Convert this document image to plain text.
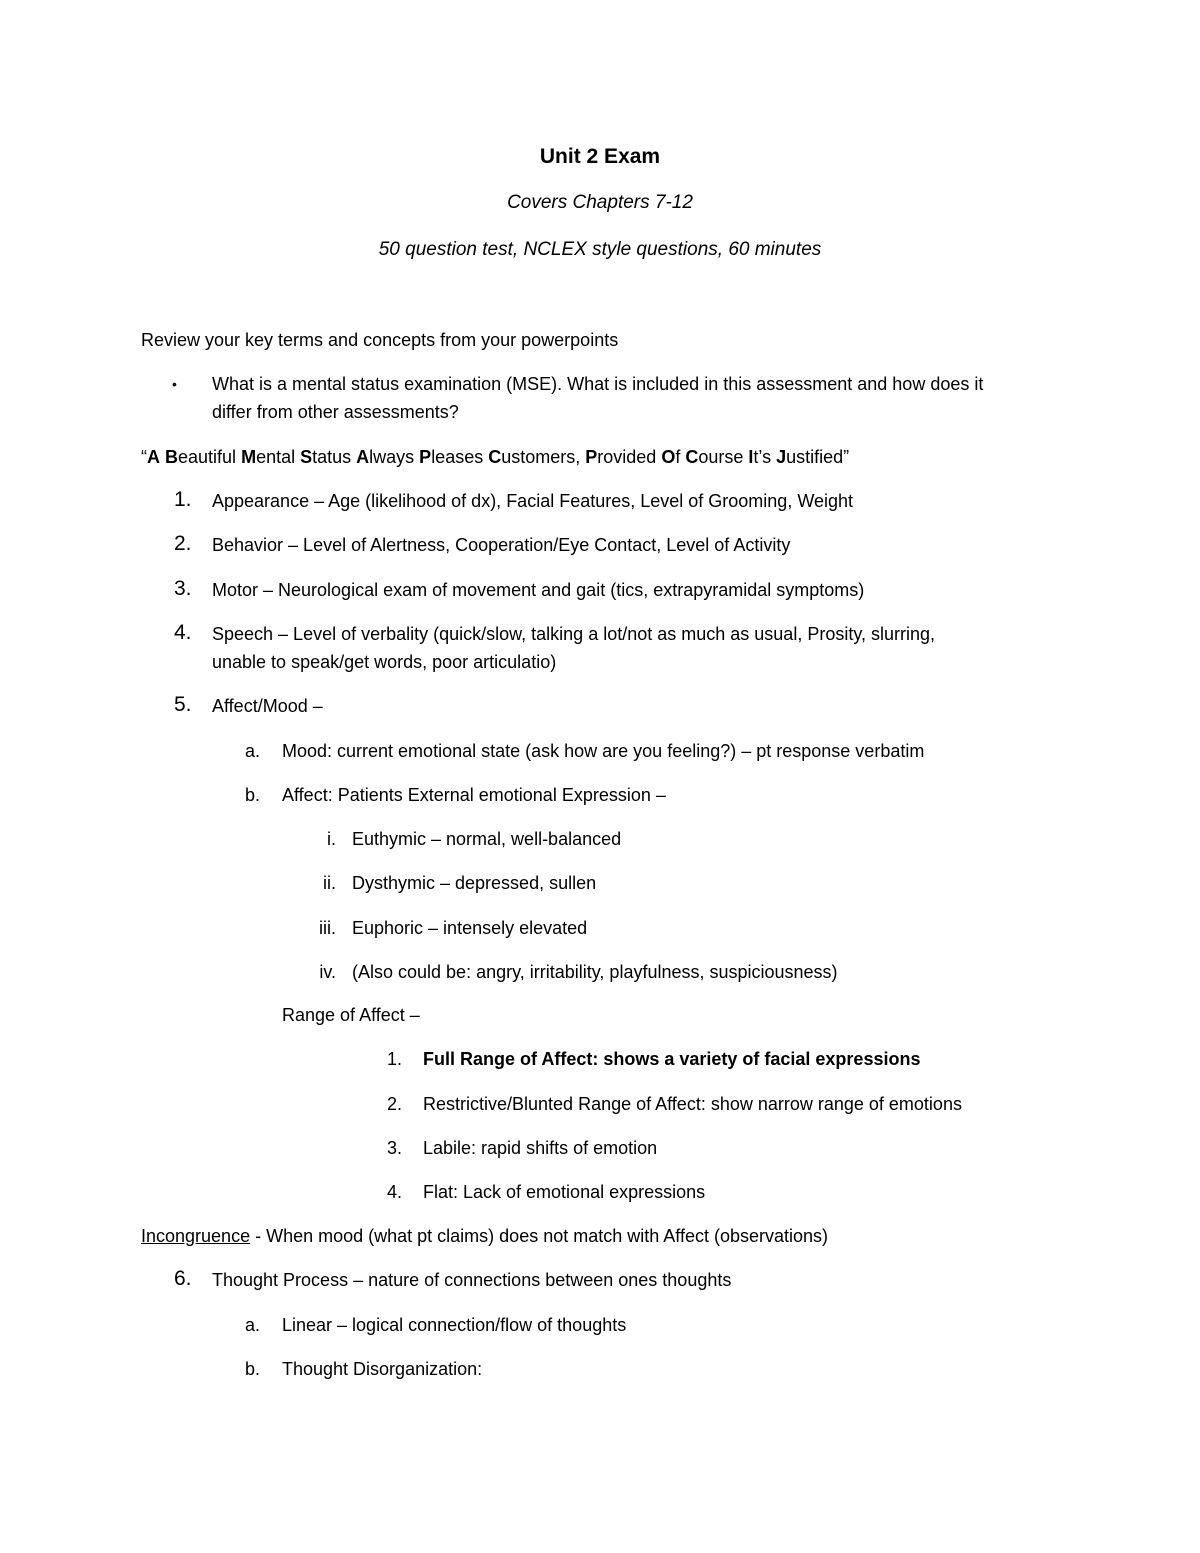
Unit 2 Exam
Covers Chapters 7-12
50 question test, NCLEX style questions, 60 minutes
Review your key terms and concepts from your powerpoints
• What is a mental status examination (MSE). What is included in this assessment and how does it
differ from other assessments?
“A Beautiful Mental Status Always Pleases Customers, Provided Of Course It’s Justified”
1. Appearance – Age (likelihood of dx), Facial Features, Level of Grooming, Weight
2. Behavior – Level of Alertness, Cooperation/Eye Contact, Level of Activity
3. Motor – Neurological exam of movement and gait (tics, extrapyramidal symptoms)
4. Speech – Level of verbality (quick/slow, talking a lot/not as much as usual, Prosity, slurring,
unable to speak/get words, poor articulatio)
5. Affect/Mood –
a. Mood: current emotional state (ask how are you feeling?) – pt response verbatim
b. Affect: Patients External emotional Expression –
i. Euthymic – normal, well-balanced
ii. Dysthymic – depressed, sullen
iii. Euphoric – intensely elevated
iv. (Also could be: angry, irritability, playfulness, suspiciousness)
Range of Affect –
1. Full Range of Affect: shows a variety of facial expressions
2. Restrictive/Blunted Range of Affect: show narrow range of emotions
3. Labile: rapid shifts of emotion
4. Flat: Lack of emotional expressions
Incongruence - When mood (what pt claims) does not match with Affect (observations)
6. Thought Process – nature of connections between ones thoughts
a. Linear – logical connection/flow of thoughts
b. Thought Disorganization:
